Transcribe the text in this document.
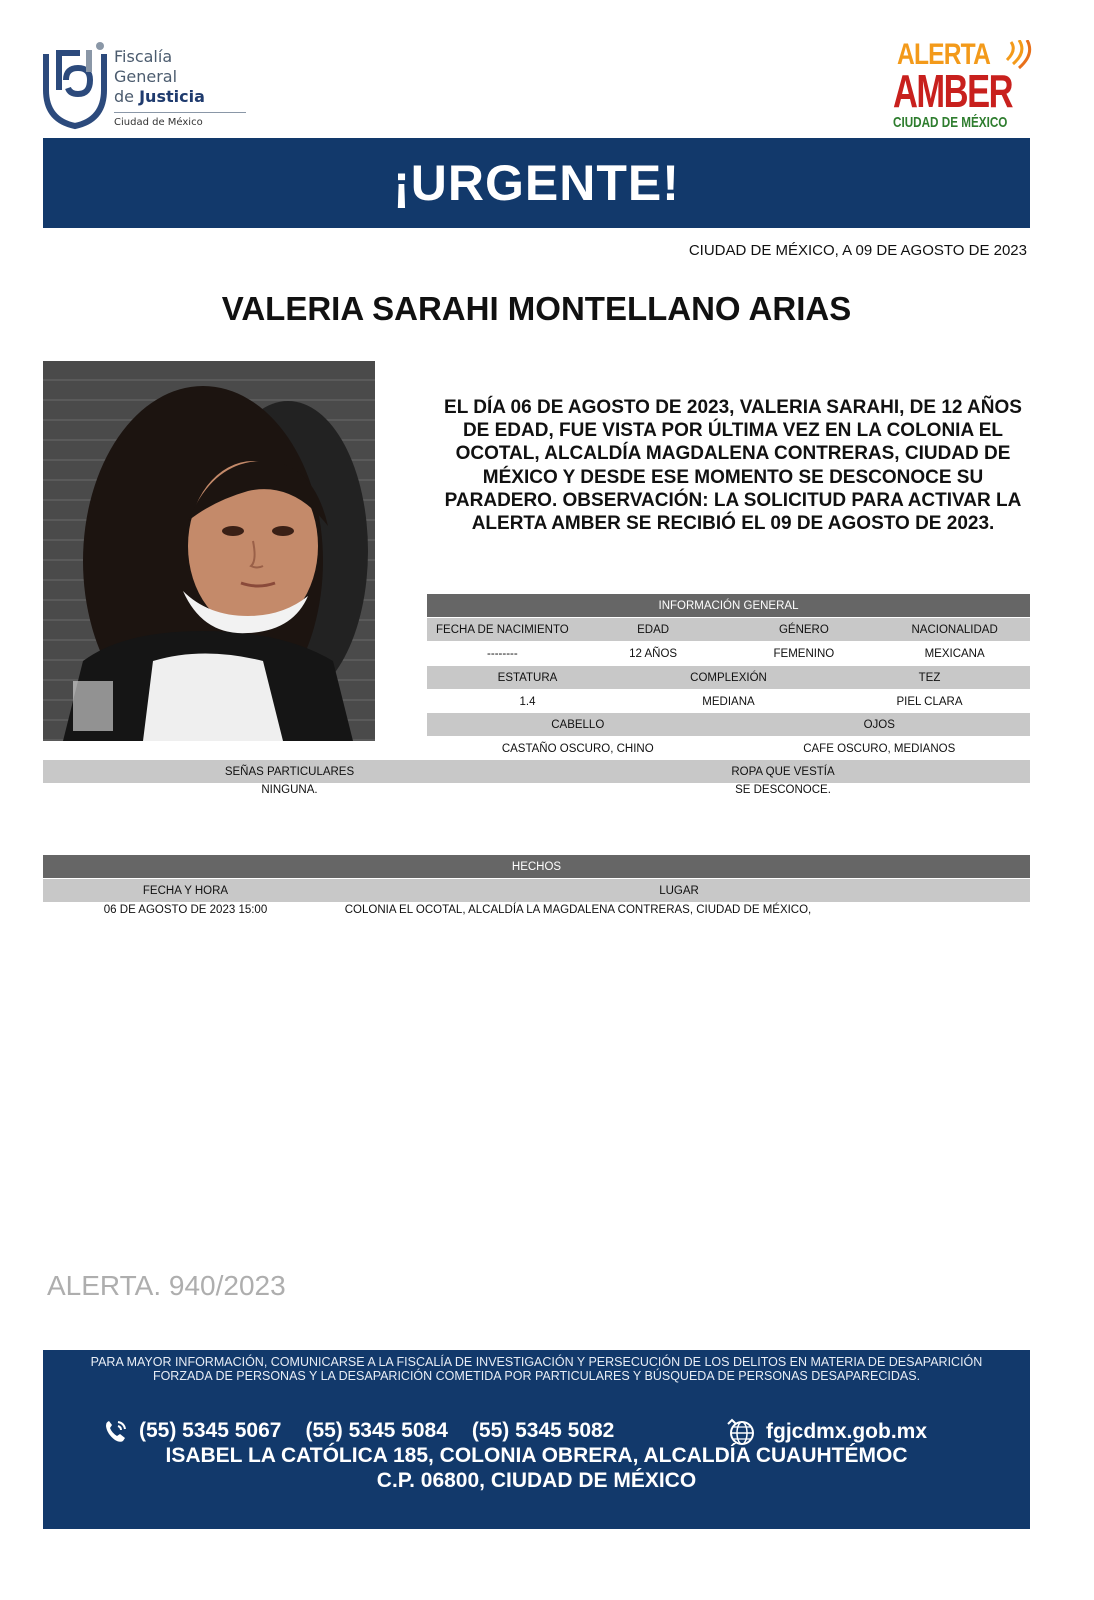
Fiscalía
General
de Justicia
Ciudad de México
ALERTA
AMBER
CIUDAD DE MÉXICO
¡URGENTE!
CIUDAD DE MÉXICO, A 09 DE AGOSTO DE 2023
VALERIA SARAHI MONTELLANO ARIAS
EL DÍA 06 DE AGOSTO DE 2023, VALERIA SARAHI, DE 12 AÑOS DE EDAD, FUE VISTA POR ÚLTIMA VEZ EN LA COLONIA EL OCOTAL, ALCALDÍA MAGDALENA CONTRERAS, CIUDAD DE MÉXICO Y DESDE ESE MOMENTO SE DESCONOCE SU PARADERO. OBSERVACIÓN: LA SOLICITUD PARA ACTIVAR LA ALERTA AMBER SE RECIBIÓ EL 09 DE AGOSTO DE 2023.
INFORMACIÓN GENERAL
FECHA DE NACIMIENTO	EDAD	GÉNERO	NACIONALIDAD
--------	12 AÑOS	FEMENINO	MEXICANA
ESTATURA	COMPLEXIÓN	TEZ
1.4	MEDIANA	PIEL CLARA
CABELLO	OJOS
CASTAÑO OSCURO, CHINO	CAFE OSCURO, MEDIANOS
SEÑAS PARTICULARES	ROPA QUE VESTÍA
NINGUNA.	SE DESCONOCE.
HECHOS
FECHA Y HORA	LUGAR
06 DE AGOSTO DE 2023 15:00	COLONIA EL OCOTAL, ALCALDÍA LA MAGDALENA CONTRERAS, CIUDAD DE MÉXICO,
ALERTA. 940/2023
PARA MAYOR INFORMACIÓN, COMUNICARSE A LA FISCALÍA DE INVESTIGACIÓN Y PERSECUCIÓN DE LOS DELITOS EN MATERIA DE DESAPARICIÓN
FORZADA DE PERSONAS Y LA DESAPARICIÓN COMETIDA POR PARTICULARES Y BÚSQUEDA DE PERSONAS DESAPARECIDAS.
(55) 5345 5067 (55) 5345 5084 (55) 5345 5082	fgjcdmx.gob.mx
ISABEL LA CATÓLICA 185, COLONIA OBRERA, ALCALDÍA CUAUHTÉMOC
C.P. 06800, CIUDAD DE MÉXICO
